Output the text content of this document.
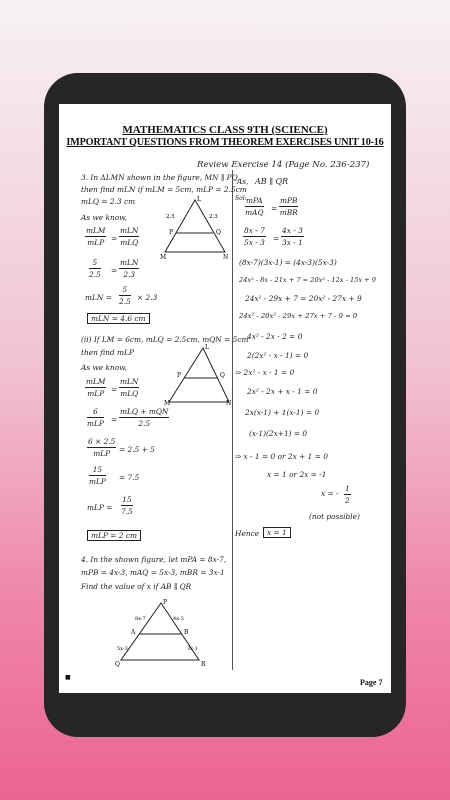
MATHEMATICS CLASS 9TH (SCIENCE)
IMPORTANT QUESTIONS FROM THEOREM EXERCISES UNIT 10-16
Review Exercise 14 (Page No. 236-237)
3. In ΔLMN shown in the figure, MN ∥ PQ,
then find mLN if mLM = 5cm, mLP = 2.5cm
mLQ = 2.3 cm	L
P	Q
M	N
2.5	2.3
As we know,
mLM
mLP =
mLN
mLQ
$\frac{5}{2.5}$ =
mLN
2.3
mLN = $\frac{5}{2.5} \times 2.3$
mLN = 4.6 cm
(ii) If LM = 6cm, mLQ = 2.5cm, mQN = 5cm
then find mLP
As we know,
L
P	Q
M	N
mLM
mLP =
mLN
mLQ
6
mLP =
mLQ + mQN
2.5
6 × 2.5
mLP	= 2.5 + 5
15
mLP = 7.5
mLP = $\frac{15}{7.5}$
mLP = 2 cm
4. In the shown figure, let mPA = 8x-7,
mPB = 4x-3, mAQ = 5x-3, mBR = 3x-1
Find the value of x if AB ∥ QR
P
A	B
Q	R
8x-7	4x-3
5x-3	3x-1
Sol:
As, AB ∥ QR
mPA
mAQ =
mPB
mBR
$\frac{8x - 7}{5x - 3} = \frac{4x - 3}{3x - 1}$
(8x-7)(3x-1) = (4x-3)(5x-3)
24x² - 8x - 21x + 7 = 20x² - 12x - 15x + 9
24x² - 29x + 7 = 20x² - 27x + 9
24x² - 20x² - 29x + 27x + 7 - 9 = 0
4x² - 2x - 2 = 0
2(2x² - x - 1) = 0
⇒ 2x² - x - 1 = 0
2x² - 2x + x - 1 = 0
2x(x-1) + 1(x-1) = 0
(x-1)(2x+1) = 0
⇒ x - 1 = 0 or 2x + 1 = 0
x = 1 or 2x = -1
x = - $\frac{1}{2}$
(not possible)
Hence	x = 1
■
Page 7
